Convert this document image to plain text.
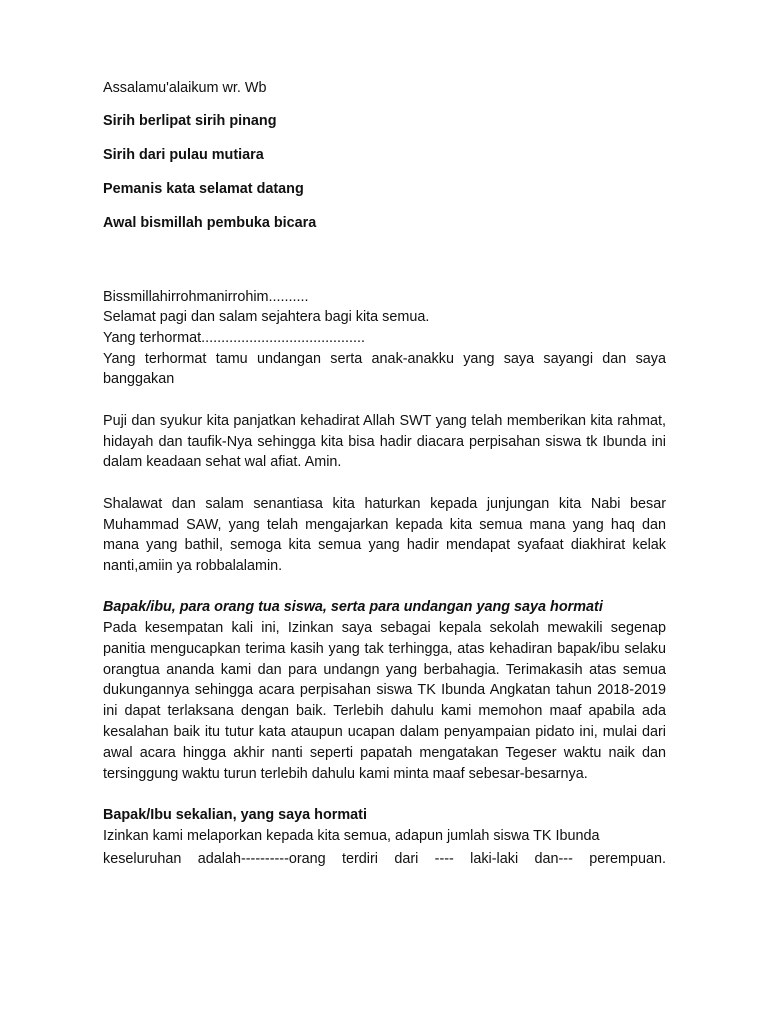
Assalamu'alaikum wr. Wb

Sirih berlipat sirih pinang

Sirih dari pulau mutiara

Pemanis kata selamat datang

Awal bismillah pembuka bicara

Bissmillahirrohmanirrohim..........

Selamat pagi dan salam sejahtera bagi kita semua.

Yang terhormat.........................................

Yang terhormat tamu undangan serta anak-anakku yang saya sayangi dan saya banggakan

Puji dan syukur kita panjatkan kehadirat Allah SWT yang telah memberikan kita rahmat, hidayah dan taufik-Nya sehingga kita bisa hadir diacara perpisahan siswa tk Ibunda ini dalam keadaan sehat wal afiat. Amin.

Shalawat dan salam senantiasa kita haturkan kepada junjungan kita Nabi besar Muhammad SAW, yang telah mengajarkan kepada kita semua mana yang haq dan mana yang bathil, semoga kita semua yang hadir mendapat syafaat diakhirat kelak nanti,amiin ya robbalalamin.

Bapak/ibu, para orang tua siswa, serta para undangan yang saya hormati

Pada kesempatan kali ini, Izinkan saya sebagai kepala sekolah mewakili segenap panitia mengucapkan terima kasih yang tak terhingga, atas kehadiran bapak/ibu selaku orangtua ananda kami dan para undangn yang berbahagia. Terimakasih atas semua dukungannya sehingga acara perpisahan siswa TK Ibunda Angkatan tahun 2018-2019 ini dapat terlaksana dengan baik. Terlebih dahulu kami memohon maaf apabila ada kesalahan baik itu tutur kata ataupun ucapan dalam penyampaian pidato ini, mulai dari awal acara hingga akhir nanti seperti papatah mengatakan Tegeser waktu naik dan tersinggung waktu turun terlebih dahulu kami minta maaf sebesar-besarnya.

Bapak/Ibu sekalian, yang saya hormati

Izinkan kami melaporkan kepada kita semua, adapun jumlah siswa TK Ibunda

keseluruhan adalah----------orang terdiri dari ---- laki-laki dan--- perempuan.
